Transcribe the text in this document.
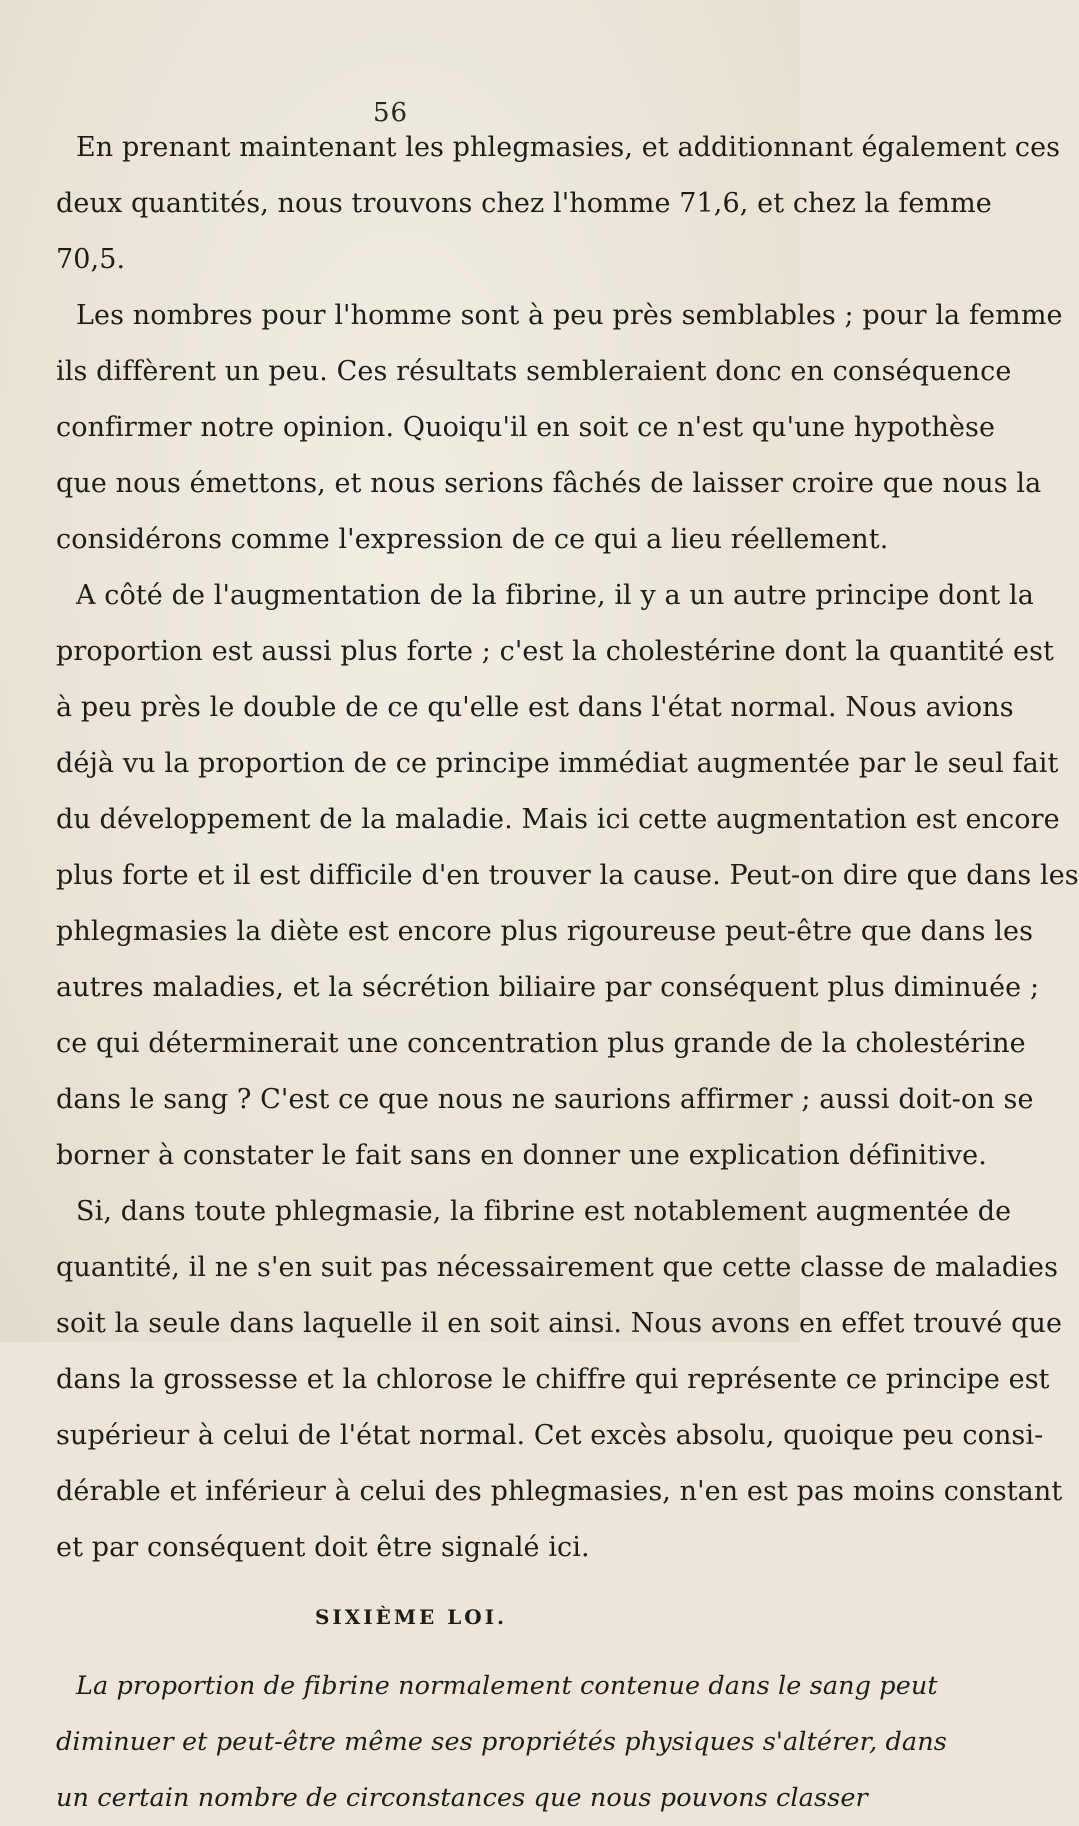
56
En prenant maintenant les phlegmasies, et additionnant également ces
deux quantités, nous trouvons chez l'homme 71,6, et chez la femme
70,5.
Les nombres pour l'homme sont à peu près semblables ; pour la femme
ils diffèrent un peu. Ces résultats sembleraient donc en conséquence
confirmer notre opinion. Quoiqu'il en soit ce n'est qu'une hypothèse
que nous émettons, et nous serions fâchés de laisser croire que nous la
considérons comme l'expression de ce qui a lieu réellement.
A côté de l'augmentation de la fibrine, il y a un autre principe dont la
proportion est aussi plus forte ; c'est la cholestérine dont la quantité est
à peu près le double de ce qu'elle est dans l'état normal. Nous avions
déjà vu la proportion de ce principe immédiat augmentée par le seul fait
du développement de la maladie. Mais ici cette augmentation est encore
plus forte et il est difficile d'en trouver la cause. Peut-on dire que dans les
phlegmasies la diète est encore plus rigoureuse peut-être que dans les
autres maladies, et la sécrétion biliaire par conséquent plus diminuée ;
ce qui déterminerait une concentration plus grande de la cholestérine
dans le sang ? C'est ce que nous ne saurions affirmer ; aussi doit-on se
borner à constater le fait sans en donner une explication définitive.
Si, dans toute phlegmasie, la fibrine est notablement augmentée de
quantité, il ne s'en suit pas nécessairement que cette classe de maladies
soit la seule dans laquelle il en soit ainsi. Nous avons en effet trouvé que
dans la grossesse et la chlorose le chiffre qui représente ce principe est
supérieur à celui de l'état normal. Cet excès absolu, quoique peu consi-
dérable et inférieur à celui des phlegmasies, n'en est pas moins constant
et par conséquent doit être signalé ici.
SIXIÈME LOI.
La proportion de fibrine normalement contenue dans le sang peut
diminuer et peut-être même ses propriétés physiques s'altérer, dans
un certain nombre de circonstances que nous pouvons classer
